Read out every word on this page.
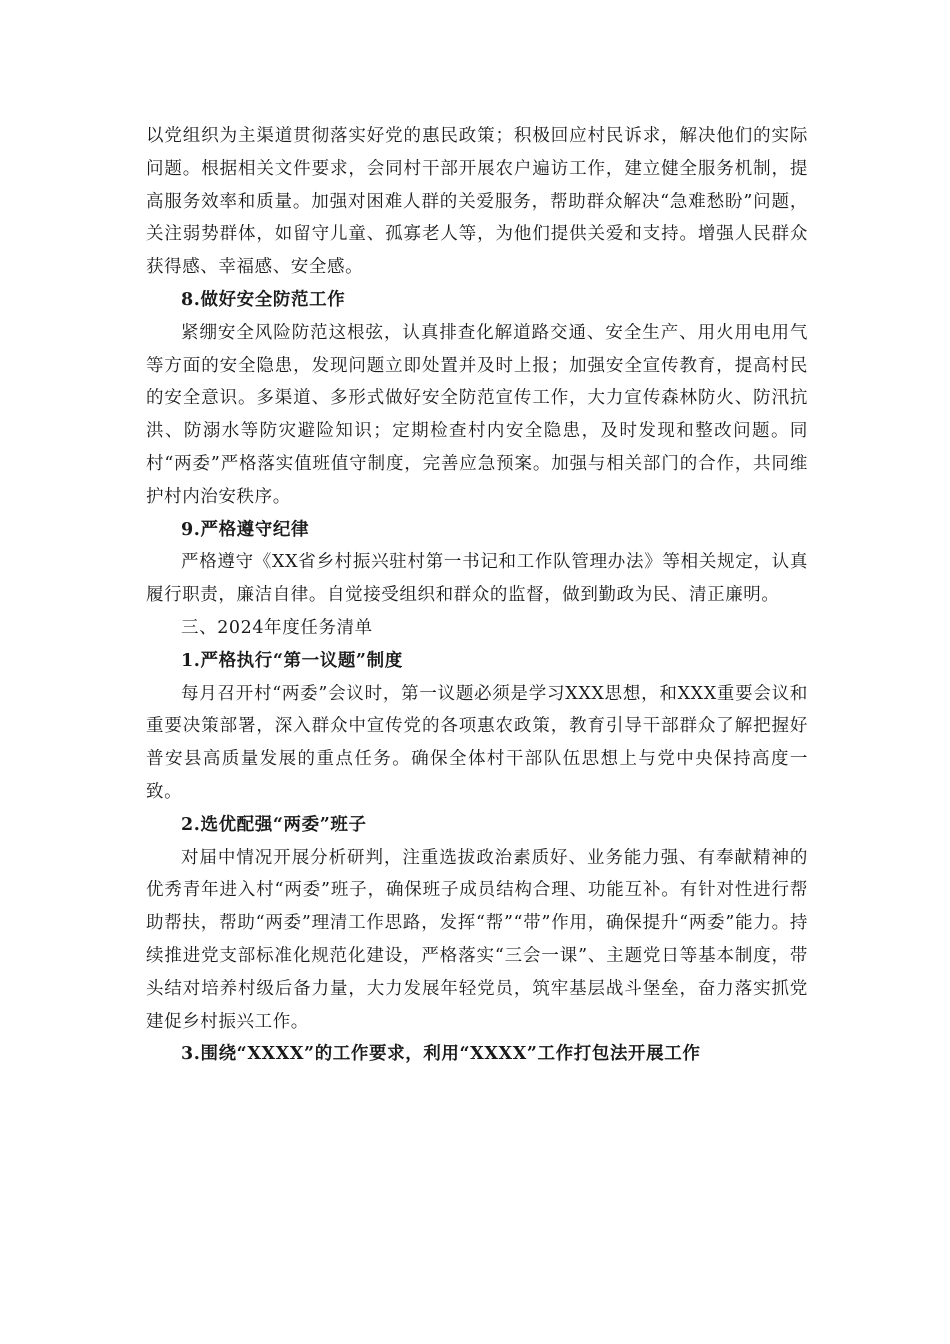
以党组织为主渠道贯彻落实好党的惠民政策；积极回应村民诉求，解决他们的实际问题。根据相关文件要求，会同村干部开展农户遍访工作，建立健全服务机制，提高服务效率和质量。加强对困难人群的关爱服务，帮助群众解决“急难愁盼”问题，关注弱势群体，如留守儿童、孤寡老人等，为他们提供关爱和支持。增强人民群众获得感、幸福感、安全感。

8.做好安全防范工作

紧绷安全风险防范这根弦，认真排查化解道路交通、安全生产、用火用电用气等方面的安全隐患，发现问题立即处置并及时上报；加强安全宣传教育，提高村民的安全意识。多渠道、多形式做好安全防范宣传工作，大力宣传森林防火、防汛抗洪、防溺水等防灾避险知识；定期检查村内安全隐患，及时发现和整改问题。同村“两委”严格落实值班值守制度，完善应急预案。加强与相关部门的合作，共同维护村内治安秩序。

9.严格遵守纪律

严格遵守《XX省乡村振兴驻村第一书记和工作队管理办法》等相关规定，认真履行职责，廉洁自律。自觉接受组织和群众的监督，做到勤政为民、清正廉明。

三、2024年度任务清单

1.严格执行“第一议题”制度

每月召开村“两委”会议时，第一议题必须是学习XXX思想，和XXX重要会议和重要决策部署，深入群众中宣传党的各项惠农政策，教育引导干部群众了解把握好普安县高质量发展的重点任务。确保全体村干部队伍思想上与党中央保持高度一致。

2.选优配强“两委”班子

对届中情况开展分析研判，注重选拔政治素质好、业务能力强、有奉献精神的优秀青年进入村“两委”班子，确保班子成员结构合理、功能互补。有针对性进行帮助帮扶，帮助“两委”理清工作思路，发挥“帮”“带”作用，确保提升“两委”能力。持续推进党支部标准化规范化建设，严格落实“三会一课”、主题党日等基本制度，带头结对培养村级后备力量，大力发展年轻党员，筑牢基层战斗堡垒，奋力落实抓党建促乡村振兴工作。

3.围绕“XXXX”的工作要求，利用“XXXX”工作打包法开展工作
